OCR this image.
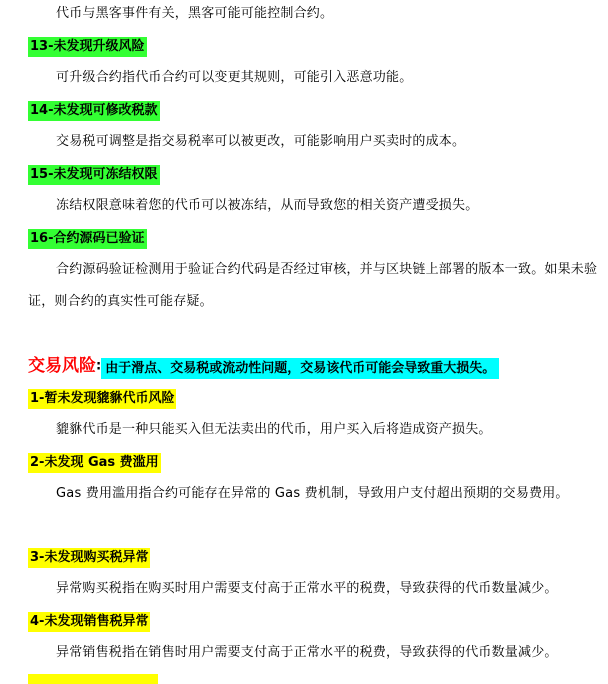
代币与黑客事件有关，黑客可能可能控制合约。
13-未发现升级风险
可升级合约指代币合约可以变更其规则，可能引入恶意功能。
14-未发现可修改税款
交易税可调整是指交易税率可以被更改，可能影响用户买卖时的成本。
15-未发现可冻结权限
冻结权限意味着您的代币可以被冻结，从而导致您的相关资产遭受损失。
16-合约源码已验证
合约源码验证检测用于验证合约代码是否经过审核，并与区块链上部署的版本一致。如果未验证，则合约的真实性可能存疑。
交易风险: 由于滑点、交易税或流动性问题，交易该代币可能会导致重大损失。
1-暂未发现貔貅代币风险
貔貅代币是一种只能买入但无法卖出的代币，用户买入后将造成资产损失。
2-未发现 Gas 费滥用
Gas 费用滥用指合约可能存在异常的 Gas 费机制，导致用户支付超出预期的交易费用。
3-未发现购买税异常
异常购买税指在购买时用户需要支付高于正常水平的税费，导致获得的代币数量减少。
4-未发现销售税异常
异常销售税指在销售时用户需要支付高于正常水平的税费，导致获得的代币数量减少。
